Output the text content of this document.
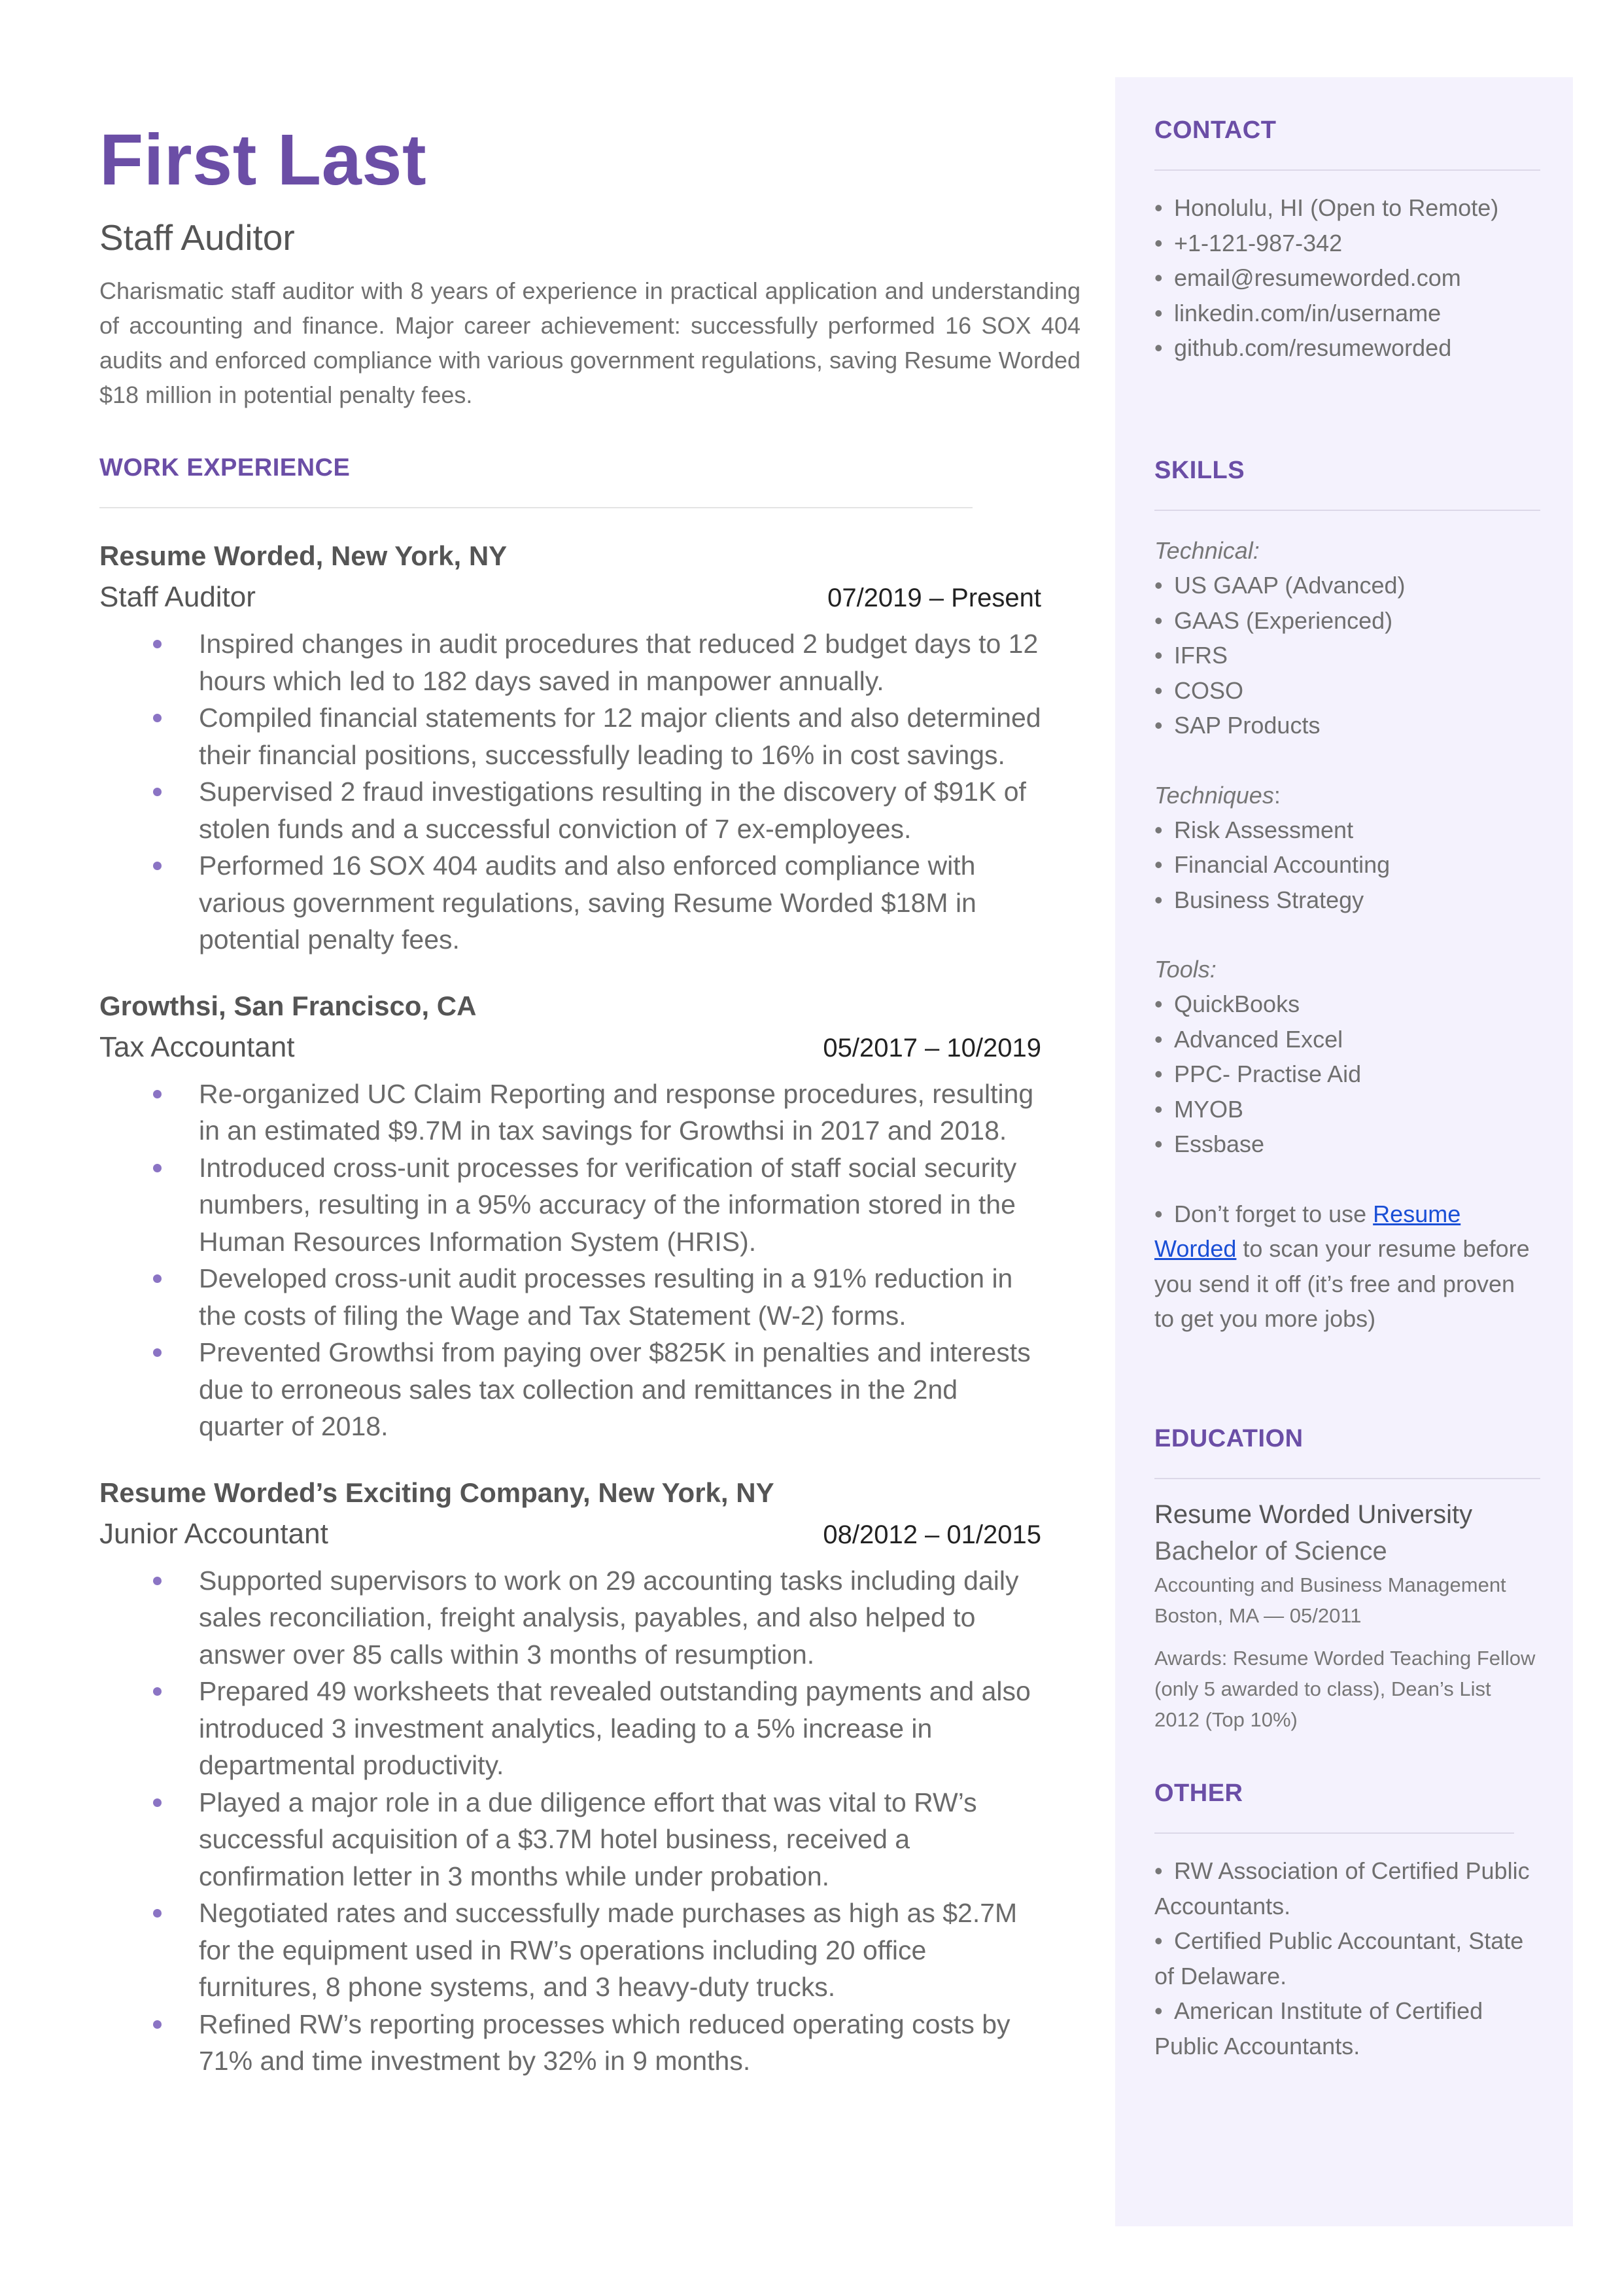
First Last
Staff Auditor
Charismatic staff auditor with 8 years of experience in practical application and understanding of accounting and finance. Major career achievement: successfully performed 16 SOX 404 audits and enforced compliance with various government regulations, saving Resume Worded $18 million in potential penalty fees.
WORK EXPERIENCE
Resume Worded, New York, NY
Staff Auditor	07/2019 – Present
Inspired changes in audit procedures that reduced 2 budget days to 12 hours which led to 182 days saved in manpower annually.
Compiled financial statements for 12 major clients and also determined their financial positions, successfully leading to 16% in cost savings.
Supervised 2 fraud investigations resulting in the discovery of $91K of stolen funds and a successful conviction of 7 ex-employees.
Performed 16 SOX 404 audits and also enforced compliance with various government regulations, saving Resume Worded $18M in potential penalty fees.
Growthsi, San Francisco, CA
Tax Accountant	05/2017 – 10/2019
Re-organized UC Claim Reporting and response procedures, resulting in an estimated $9.7M in tax savings for Growthsi in 2017 and 2018.
Introduced cross-unit processes for verification of staff social security numbers, resulting in a 95% accuracy of the information stored in the Human Resources Information System (HRIS).
Developed cross-unit audit processes resulting in a 91% reduction in the costs of filing the Wage and Tax Statement (W-2) forms.
Prevented Growthsi from paying over $825K in penalties and interests due to erroneous sales tax collection and remittances in the 2nd quarter of 2018.
Resume Worded’s Exciting Company, New York, NY
Junior Accountant	08/2012 – 01/2015
Supported supervisors to work on 29 accounting tasks including daily sales reconciliation, freight analysis, payables, and also helped to answer over 85 calls within 3 months of resumption.
Prepared 49 worksheets that revealed outstanding payments and also introduced 3 investment analytics, leading to a 5% increase in departmental productivity.
Played a major role in a due diligence effort that was vital to RW’s successful acquisition of a $3.7M hotel business, received a confirmation letter in 3 months while under probation.
Negotiated rates and successfully made purchases as high as $2.7M for the equipment used in RW’s operations including 20 office furnitures, 8 phone systems, and 3 heavy-duty trucks.
Refined RW’s reporting processes which reduced operating costs by 71% and time investment by 32% in 9 months.
CONTACT
• Honolulu, HI (Open to Remote)
• +1-121-987-342
• email@resumeworded.com
• linkedin.com/in/username
• github.com/resumeworded
SKILLS
Technical:
• US GAAP (Advanced)
• GAAS (Experienced)
• IFRS
• COSO
• SAP Products
Techniques:
• Risk Assessment
• Financial Accounting
• Business Strategy
Tools:
• QuickBooks
• Advanced Excel
• PPC- Practise Aid
• MYOB
• Essbase
• Don’t forget to use Resume Worded to scan your resume before you send it off (it’s free and proven to get you more jobs)
EDUCATION
Resume Worded University
Bachelor of Science
Accounting and Business Management
Boston, MA — 05/2011
Awards: Resume Worded Teaching Fellow (only 5 awarded to class), Dean’s List 2012 (Top 10%)
OTHER
• RW Association of Certified Public Accountants.
• Certified Public Accountant, State of Delaware.
• American Institute of Certified Public Accountants.
